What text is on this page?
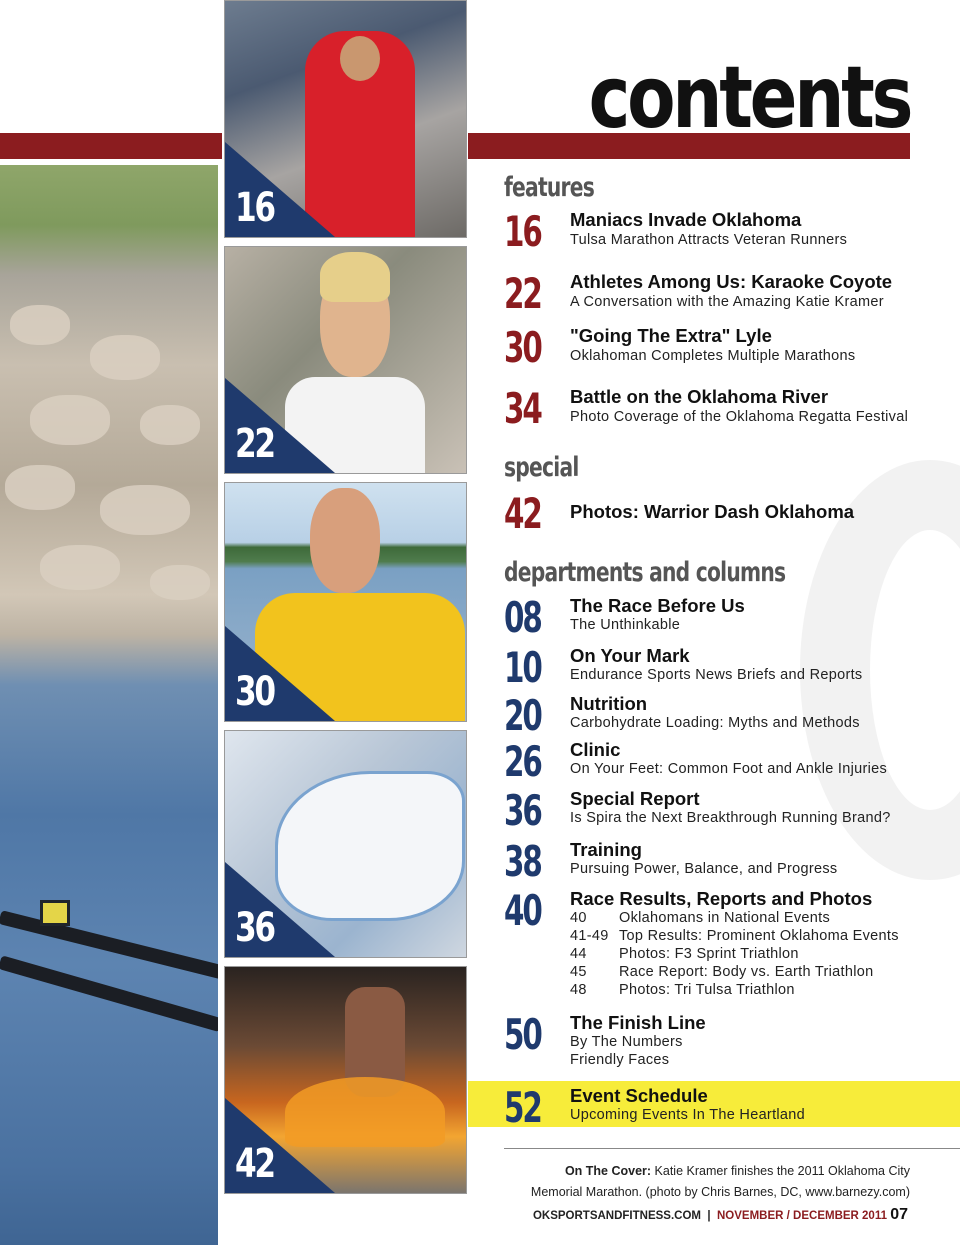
16
22
30
36
42
contents
features
16 Maniacs Invade Oklahoma
Tulsa Marathon Attracts Veteran Runners
22 Athletes Among Us: Karaoke Coyote
A Conversation with the Amazing Katie Kramer
30 "Going The Extra" Lyle
Oklahoman Completes Multiple Marathons
34 Battle on the Oklahoma River
Photo Coverage of the Oklahoma Regatta Festival
special
42 Photos: Warrior Dash Oklahoma
departments and columns
08 The Race Before Us
The Unthinkable
10 On Your Mark
Endurance Sports News Briefs and Reports
20 Nutrition
Carbohydrate Loading: Myths and Methods
26 Clinic
On Your Feet: Common Foot and Ankle Injuries
36 Special Report
Is Spira the Next Breakthrough Running Brand?
38 Training
Pursuing Power, Balance, and Progress
40 Race Results, Reports and Photos
40 Oklahomans in National Events
41-49 Top Results: Prominent Oklahoma Events
44 Photos: F3 Sprint Triathlon
45 Race Report: Body vs. Earth Triathlon
48 Photos: Tri Tulsa Triathlon
50 The Finish Line
By The Numbers
Friendly Faces
52 Event Schedule
Upcoming Events In The Heartland
On The Cover: Katie Kramer finishes the 2011 Oklahoma City
Memorial Marathon. (photo by Chris Barnes, DC, www.barnezy.com)
OKSPORTSANDFITNESS.COM | NOVEMBER / DECEMBER 2011 07
